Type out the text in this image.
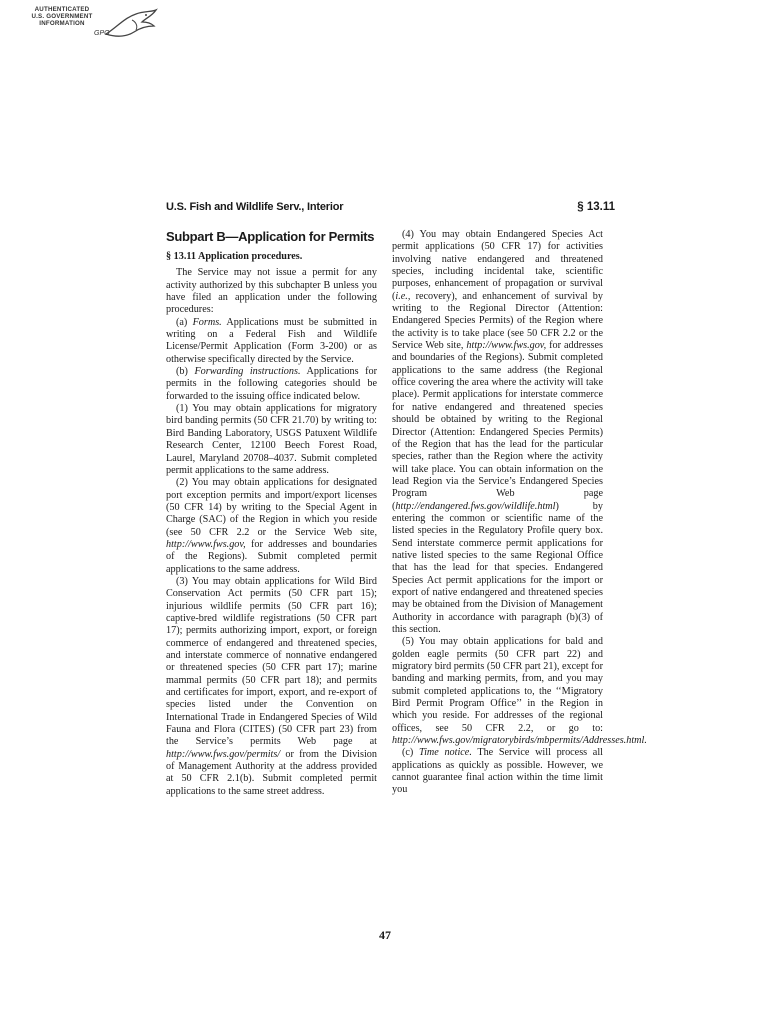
AUTHENTICATED
U.S. GOVERNMENT
INFORMATION
GPO
U.S. Fish and Wildlife Serv., Interior	§ 13.11
Subpart B—Application for Permits
§ 13.11 Application procedures.

The Service may not issue a permit for any activity authorized by this subchapter B unless you have filed an application under the following procedures:

(a) Forms. Applications must be submitted in writing on a Federal Fish and Wildlife License/Permit Application (Form 3-200) or as otherwise specifically directed by the Service.

(b) Forwarding instructions. Applications for permits in the following categories should be forwarded to the issuing office indicated below.

(1) You may obtain applications for migratory bird banding permits (50 CFR 21.70) by writing to: Bird Banding Laboratory, USGS Patuxent Wildlife Research Center, 12100 Beech Forest Road, Laurel, Maryland 20708–4037. Submit completed permit applications to the same address.

(2) You may obtain applications for designated port exception permits and import/export licenses (50 CFR 14) by writing to the Special Agent in Charge (SAC) of the Region in which you reside (see 50 CFR 2.2 or the Service Web site, http://www.fws.gov, for addresses and boundaries of the Regions). Submit completed permit applications to the same address.

(3) You may obtain applications for Wild Bird Conservation Act permits (50 CFR part 15); injurious wildlife permits (50 CFR part 16); captive-bred wildlife registrations (50 CFR part 17); permits authorizing import, export, or foreign commerce of endangered and threatened species, and interstate commerce of nonnative endangered or threatened species (50 CFR part 17); marine mammal permits (50 CFR part 18); and permits and certificates for import, export, and re-export of species listed under the Convention on International Trade in Endangered Species of Wild Fauna and Flora (CITES) (50 CFR part 23) from the Service’s permits Web page at http://www.fws.gov/permits/ or from the Division of Management Authority at the address provided at 50 CFR 2.1(b). Submit completed permit applications to the same street address.

(4) You may obtain Endangered Species Act permit applications (50 CFR 17) for activities involving native endangered and threatened species, including incidental take, scientific purposes, enhancement of propagation or survival (i.e., recovery), and enhancement of survival by writing to the Regional Director (Attention: Endangered Species Permits) of the Region where the activity is to take place (see 50 CFR 2.2 or the Service Web site, http://www.fws.gov, for addresses and boundaries of the Regions). Submit completed applications to the same address (the Regional office covering the area where the activity will take place). Permit applications for interstate commerce for native endangered and threatened species should be obtained by writing to the Regional Director (Attention: Endangered Species Permits) of the Region that has the lead for the particular species, rather than the Region where the activity will take place. You can obtain information on the lead Region via the Service’s Endangered Species Program Web page (http://endangered.fws.gov/wildlife.html) by entering the common or scientific name of the listed species in the Regulatory Profile query box. Send interstate commerce permit applications for native listed species to the same Regional Office that has the lead for that species. Endangered Species Act permit applications for the import or export of native endangered and threatened species may be obtained from the Division of Management Authority in accordance with paragraph (b)(3) of this section.

(5) You may obtain applications for bald and golden eagle permits (50 CFR part 22) and migratory bird permits (50 CFR part 21), except for banding and marking permits, from, and you may submit completed applications to, the ‘‘Migratory Bird Permit Program Office’’ in the Region in which you reside. For addresses of the regional offices, see 50 CFR 2.2, or go to: http://www.fws.gov/migratorybirds/mbpermits/Addresses.html.

(c) Time notice. The Service will process all applications as quickly as possible. However, we cannot guarantee final action within the time limit you

47
